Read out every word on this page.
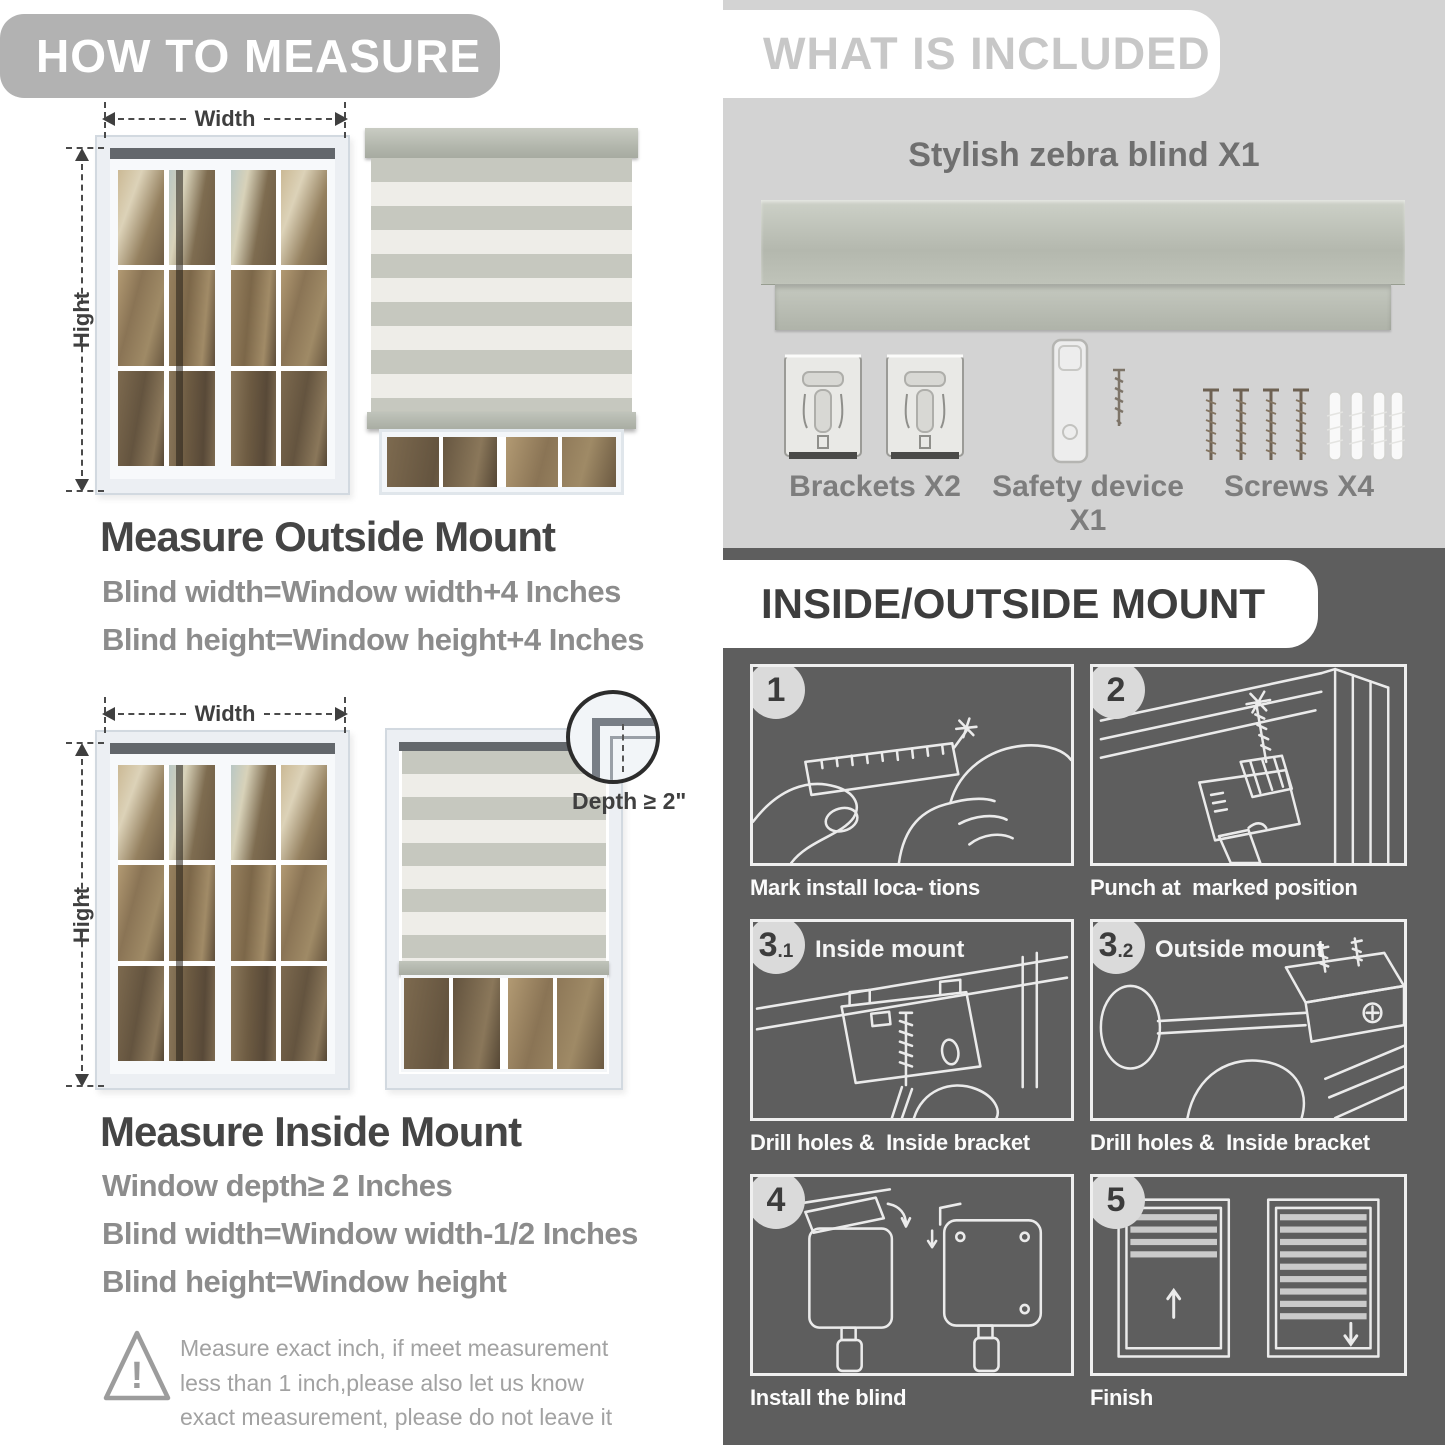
HOW TO MEASURE
Width
Hight
Measure Outside Mount
Blind width=Window width+4 Inches
Blind height=Window height+4 Inches
Width
Hight
Depth ≥ 2"
Measure Inside Mount
Window depth≥ 2 Inches
Blind width=Window width-1/2 Inches
Blind height=Window height
!
Measure exact inch, if meet measurement less than 1 inch,please also let us know exact measurement, please do not leave it
WHAT IS INCLUDED
Stylish zebra blind X1
Brackets X2	Safety device X1
Screws X4
INSIDE/OUTSIDE MOUNT
1
Mark install loca- tions
2
Punch at  marked position
3 .1 Inside mount
Drill holes &  Inside bracket
3 .2 Outside mount
Drill holes &  Inside bracket
4
Install the blind
5
Finish
